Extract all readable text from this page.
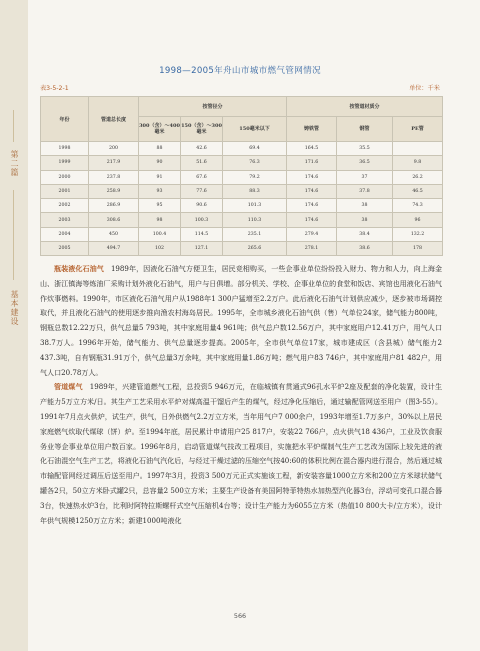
第二篇
基本建设
1998—2005年舟山市城市燃气管网情况
表3-5-2-1	单位：千米
年份	管道总长度	按管径分			按管道材质分		
		300（含）～400毫米	150（含）～300毫米	150毫米以下	铸铁管	钢管	PE管
1998	200	88	42.6	69.4	164.5	35.5	
1999	217.9	90	51.6	76.3	171.6	36.5	9.8
2000	237.8	91	67.6	79.2	174.6	37	26.2
2001	258.9	93	77.6	88.3	174.6	37.8	46.5
2002	286.9	95	90.6	101.3	174.6	38	74.3
2003	308.6	98	100.3	110.3	174.6	38	96
2004	450	100.4	114.5	235.1	279.4	38.4	132.2
2005	494.7	102	127.1	265.6	278.1	38.6	178

瓶装液化石油气　1989年，因液化石油气方便卫生，居民竞相购买，一些企事业单位纷纷投入财力、物力和人力，向上海金山、浙江镇海等炼油厂采购计划外液化石油气，用户与日俱增。部分机关、学校、企事业单位的食堂和饭店、宾馆也用液化石油气作炊事燃料。1990年，市区液化石油气用户从1988年1 300户猛增至2.2万户。此后液化石油气计划供应减少，逐步被市场调控取代，并且液化石油气的使用逐步推向渔农村海岛居民。1995年，全市城乡液化石油气供（售）气单位24家，储气能力800吨，钢瓶总数12.22万只，供气总量5 793吨，其中家庭用量4 961吨；供气总户数12.56万户，其中家庭用户12.41万户，用气人口38.7万人。1996年开始，储气能力、供气总量逐步提高。2005年，全市供气单位17家，城市建成区（含县城）储气能力2 437.3吨，自有钢瓶31.91万个，供气总量3万余吨，其中家庭用量1.86万吨；燃气用户83 746户，其中家庭用户81 482户，用气人口20.78万人。

管道煤气　1989年，兴建管道燃气工程，总投资5 946万元，在临城镇有贯通式96孔水平炉2座及配套的净化装置，设计生产能力5万立方米/日。其生产工艺采用水平炉对煤高温干馏后产生的煤气，经过净化压缩后，通过输配管网送至用户（图3-55）。1991年7月点火供炉，试生产，供气，日外供燃气2.2万立方米，当年用气户7 000余户，1993年增至1.7万多户，30%以上居民家庭燃气炊取代煤球（饼）炉。至1994年底，居民累计申请用户25 817户，安装22 766户，点火供气18 436户，工业及饮食服务业等企事业单位用户数百家。1996年8月，启动管道煤气技改工程项目，实施把水平炉煤制气生产工艺改为国际上较先进的液化石油混空气生产工艺，将液化石油气汽化后，与经过干燥过滤的压缩空气按40:60的体积比例在混合器内进行混合，然后通过城市输配管网经过调压后送至用户。1997年3月，投资3 500万元正式实施该工程，新安装容量1000立方米和200立方米球状储气罐各2只，50立方米卧式罐2只，总容量2 500立方米；主要生产设备有美国阿特菲特热水加热型汽化器3台，浮动可变孔口混合器3台，快速热水炉3台，比利时阿特拉斯螺杆式空气压缩机4台等；设计生产能力为6055立方米（热值10 800大卡/立方米），设计年供气规模1250万立方米；新建1000吨液化

566
